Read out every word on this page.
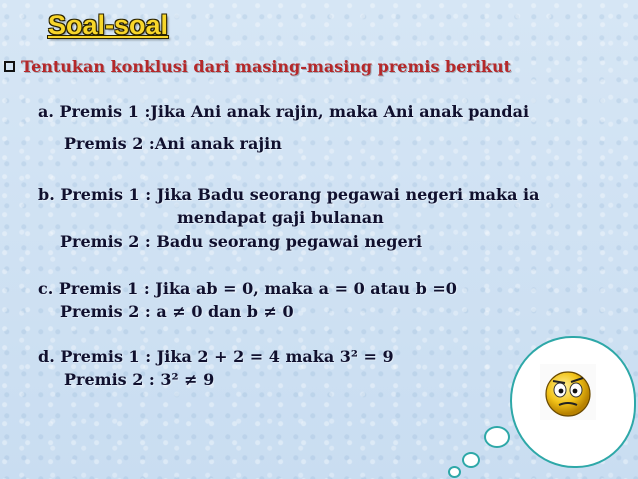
Soal-soal
Tentukan konklusi dari masing-masing premis berikut
a. Premis 1 :Jika Ani anak rajin, maka Ani anak pandai
Premis 2 :Ani anak rajin
b. Premis 1 : Jika Badu seorang pegawai negeri maka ia
mendapat gaji bulanan
Premis 2 : Badu seorang pegawai negeri
c. Premis 1 : Jika ab = 0, maka a = 0 atau b =0
Premis 2 : a ≠ 0 dan b ≠ 0
d. Premis 1 : Jika 2 + 2 = 4 maka 3² = 9
Premis 2 : 3² ≠ 9
